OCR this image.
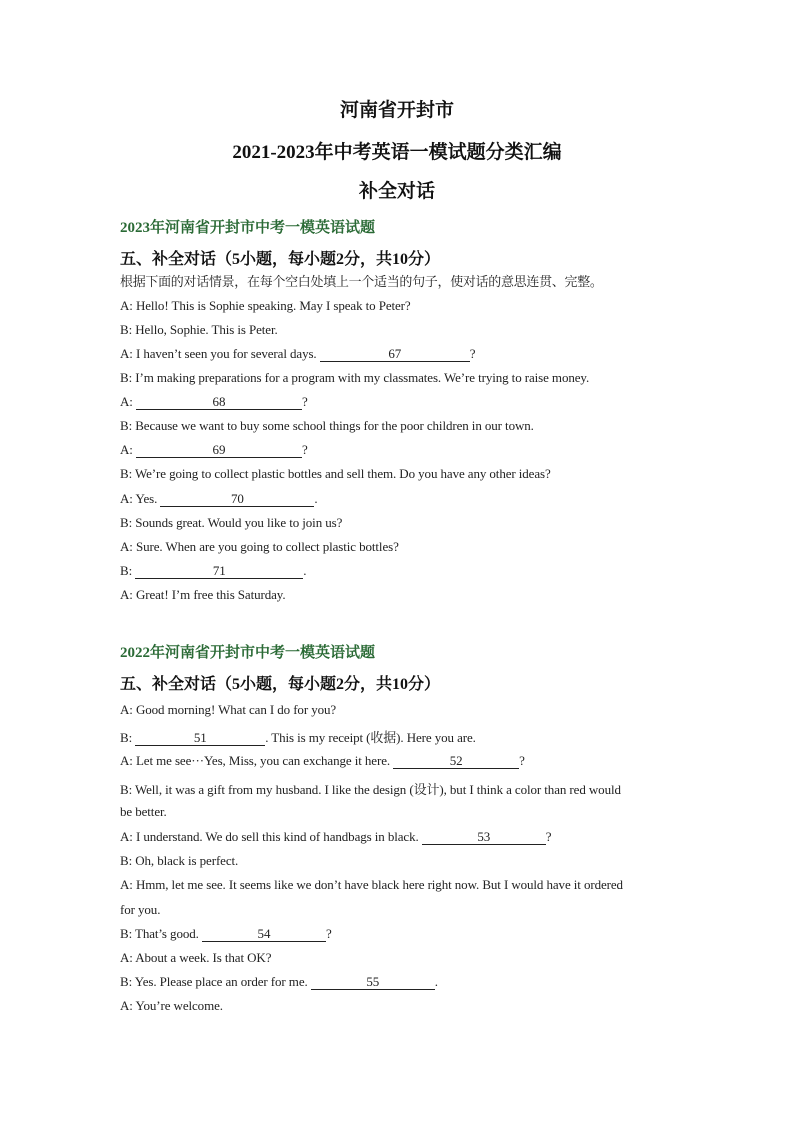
河南省开封市
2021-2023年中考英语一模试题分类汇编
补全对话
2023年河南省开封市中考一模英语试题
五、补全对话（5小题，每小题2分，共10分）
根据下面的对话情景，在每个空白处填上一个适当的句子，使对话的意思连贯、完整。
A: Hello! This is Sophie speaking. May I speak to Peter?
B: Hello, Sophie. This is Peter.
A: I haven’t seen you for several days.	67	?
B: I’m making preparations for a program with my classmates. We’re trying to raise money.
A:	68	?
B: Because we want to buy some school things for the poor children in our town.
A:	69	?
B: We’re going to collect plastic bottles and sell them. Do you have any other ideas?
A: Yes.	70	.
B: Sounds great. Would you like to join us?
A: Sure. When are you going to collect plastic bottles?
B:	71	.
A: Great! I’m free this Saturday.
2022年河南省开封市中考一模英语试题
五、补全对话（5小题，每小题2分，共10分）
A: Good morning! What can I do for you?
B:	51	. This is my receipt (收据). Here you are.
A: Let me see···Yes, Miss, you can exchange it here.	52	?
B: Well, it was a gift from my husband. I like the design (设计), but I think a color than red would
be better.
A: I understand. We do sell this kind of handbags in black.	53	?
B: Oh, black is perfect.
A: Hmm, let me see. It seems like we don’t have black here right now. But I would have it ordered
for you.
B: That’s good.	54	?
A: About a week. Is that OK?
B: Yes. Please place an order for me.	55	.
A: You’re welcome.
